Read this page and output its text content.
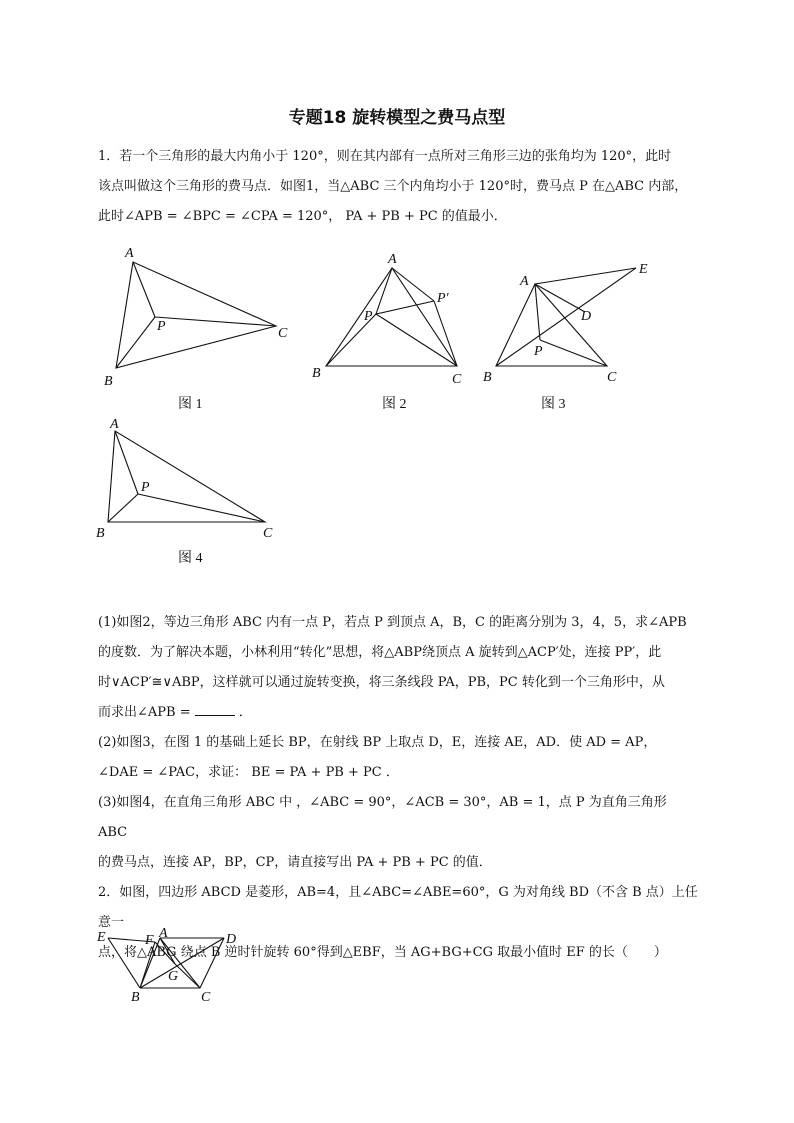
专题18 旋转模型之费马点型
1．若一个三角形的最大内角小于 120°，则在其内部有一点所对三角形三边的张角均为 120°，此时
该点叫做这个三角形的费马点．如图1，当△ABC 三个内角均小于 120°时，费马点 P 在△ABC 内部，
此时∠APB = ∠BPC = ∠CPA = 120°， PA + PB + PC 的值最小．
A
B
C
P
A
B	C
P
P′
A
B	C
P
D
E
A
B	C
P
E	F A	D
G
B	C
图 1	图 2	图 3
图 4
(1)如图2，等边三角形 ABC 内有一点 P，若点 P 到顶点 A，B，C 的距离分别为 3，4，5，求∠APB
的度数．为了解决本题，小林利用“转化”思想，将△ABP绕顶点 A 旋转到△ACP′处，连接 PP′，此
时∨ACP′≅∨ABP，这样就可以通过旋转变换，将三条线段 PA，PB，PC 转化到一个三角形中，从
而求出∠APB =	．
(2)如图3，在图 1 的基础上延长 BP，在射线 BP 上取点 D，E，连接 AE，AD．使 AD = AP，
∠DAE = ∠PAC，求证： BE = PA + PB + PC ．
(3)如图4，在直角三角形 ABC 中 ，∠ABC = 90°，∠ACB = 30°，AB = 1，点 P 为直角三角形 ABC
的费马点，连接 AP，BP，CP，请直接写出 PA + PB + PC 的值．
2．如图，四边形 ABCD 是菱形，AB=4，且∠ABC=∠ABE=60°，G 为对角线 BD（不含 B 点）上任意一
点，将△ABG 绕点 B 逆时针旋转 60°得到△EBF，当 AG+BG+CG 取最小值时 EF 的长（　　）
